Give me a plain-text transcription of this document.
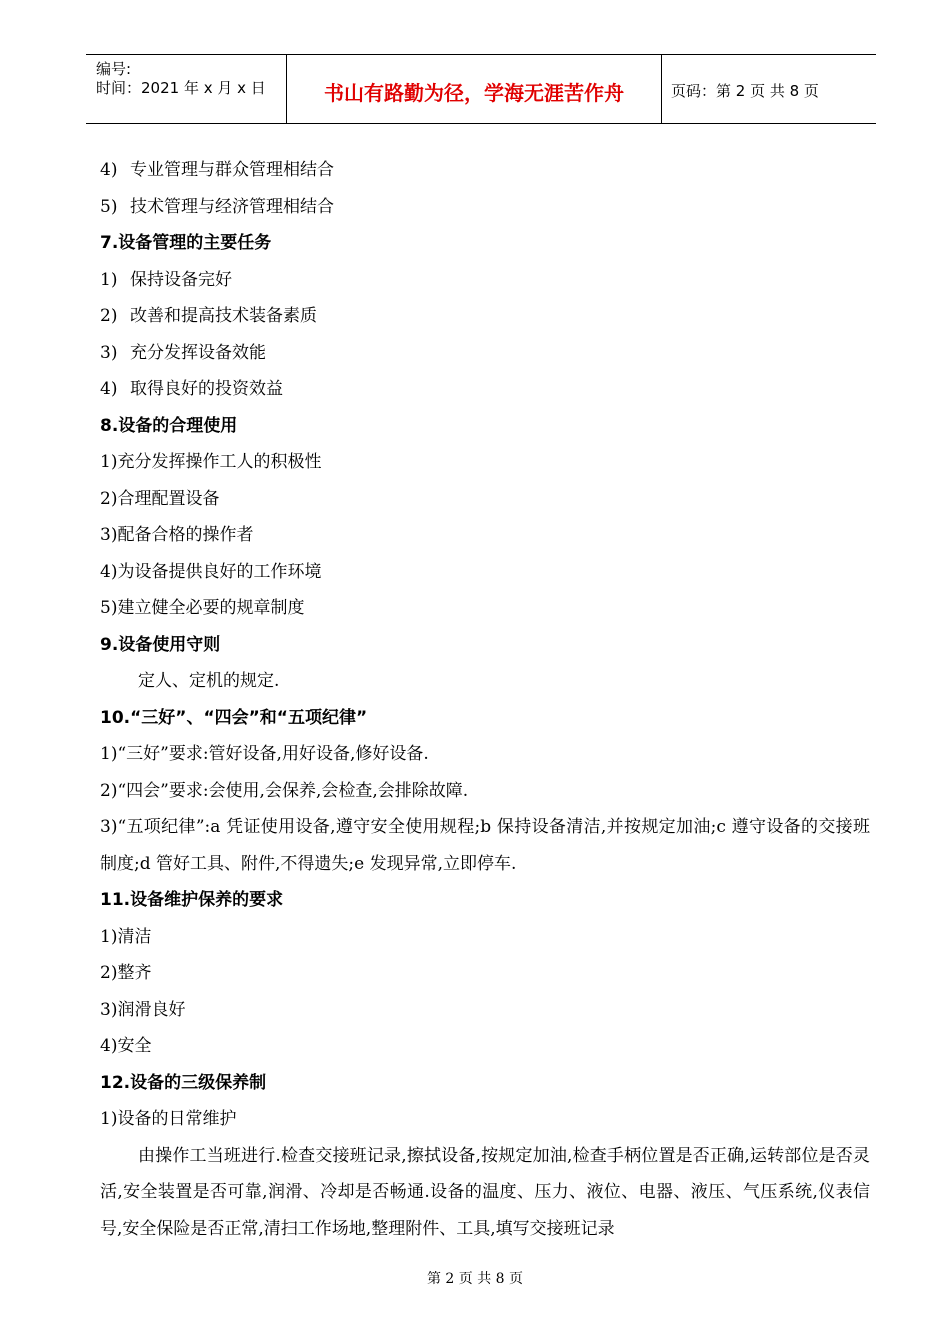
编号:
时间：2021 年 x 月 x 日	书山有路勤为径，学海无涯苦作舟	页码：第 2 页 共 8 页
4) 专业管理与群众管理相结合
5) 技术管理与经济管理相结合
7.设备管理的主要任务
1) 保持设备完好
2) 改善和提高技术装备素质
3) 充分发挥设备效能
4) 取得良好的投资效益
8.设备的合理使用
1)充分发挥操作工人的积极性
2)合理配置设备
3)配备合格的操作者
4)为设备提供良好的工作环境
5)建立健全必要的规章制度
9.设备使用守则
定人、定机的规定.
10.“三好”、“四会”和“五项纪律”
1)“三好”要求:管好设备,用好设备,修好设备.
2)“四会”要求:会使用,会保养,会检查,会排除故障.
3)“五项纪律”:a 凭证使用设备,遵守安全使用规程;b 保持设备清洁,并按规定加油;c 遵守设备的交接班制度;d 管好工具、附件,不得遗失;e 发现异常,立即停车.
11.设备维护保养的要求
1)清洁
2)整齐
3)润滑良好
4)安全
12.设备的三级保养制
1)设备的日常维护
由操作工当班进行.检查交接班记录,擦拭设备,按规定加油,检查手柄位置是否正确,运转部位是否灵活,安全装置是否可靠,润滑、冷却是否畅通.设备的温度、压力、液位、电器、液压、气压系统,仪表信号,安全保险是否正常,清扫工作场地,整理附件、工具,填写交接班记录
第 2 页 共 8 页
